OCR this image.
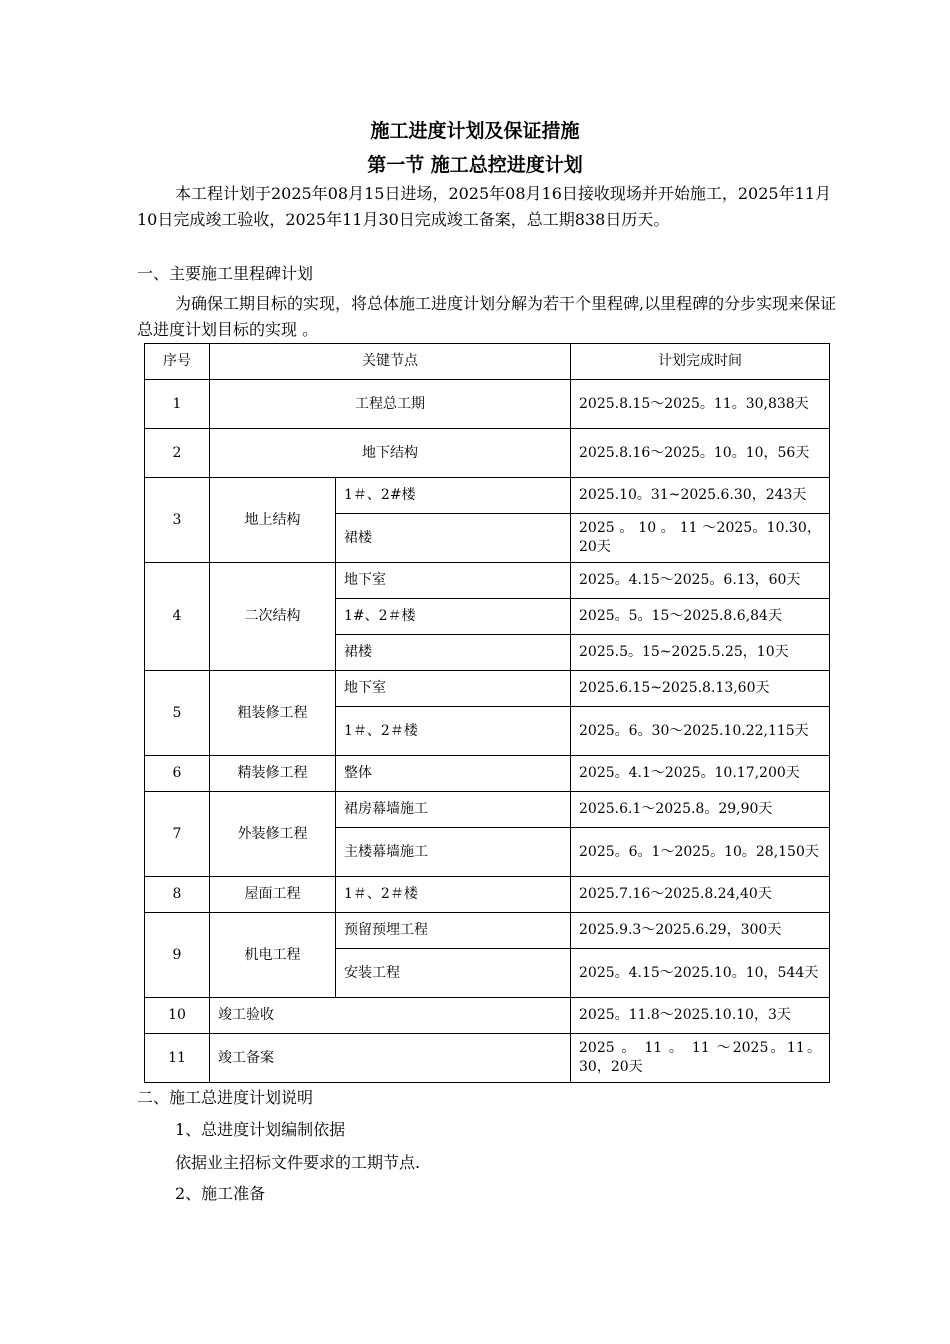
施工进度计划及保证措施
第一节 施工总控进度计划

本工程计划于2025年08月15日进场，2025年08月16日接收现场并开始施工，2025年11月10日完成竣工验收，2025年11月30日完成竣工备案，总工期838日历天。

一、主要施工里程碑计划

为确保工期目标的实现，将总体施工进度计划分解为若干个里程碑,以里程碑的分步实现来保证总进度计划目标的实现 。

序号	关键节点		计划完成时间
1	工程总工期		2025.8.15～2025。11。30,838天
2	地下结构		2025.8.16～2025。10。10，56天
3	地上结构	1＃、2#楼	2025.10。31~2025.6.30，243天
		裙楼	2025 。 10 。 11 ～2025。10.30，20天
4	二次结构	地下室	2025。4.15～2025。6.13，60天
		1#、2＃楼	2025。5。15～2025.8.6,84天
		裙楼	2025.5。15~2025.5.25，10天
5	粗装修工程	地下室	2025.6.15~2025.8.13,60天
		1＃、2＃楼	2025。6。30～2025.10.22,115天
6	精装修工程	整体	2025。4.1～2025。10.17,200天
7	外装修工程	裙房幕墙施工	2025.6.1～2025.8。29,90天
		主楼幕墙施工	2025。6。1～2025。10。28,150天
8	屋面工程	1＃、2＃楼	2025.7.16～2025.8.24,40天
9	机电工程	预留预埋工程	2025.9.3～2025.6.29，300天
		安装工程	2025。4.15～2025.10。10，544天
10	竣工验收		2025。11.8～2025.10.10，3天
11	竣工备案		2025 。 11 。 11 ～2025。11。30，20天
二、施工总进度计划说明
1、总进度计划编制依据
依据业主招标文件要求的工期节点.
2、施工准备
